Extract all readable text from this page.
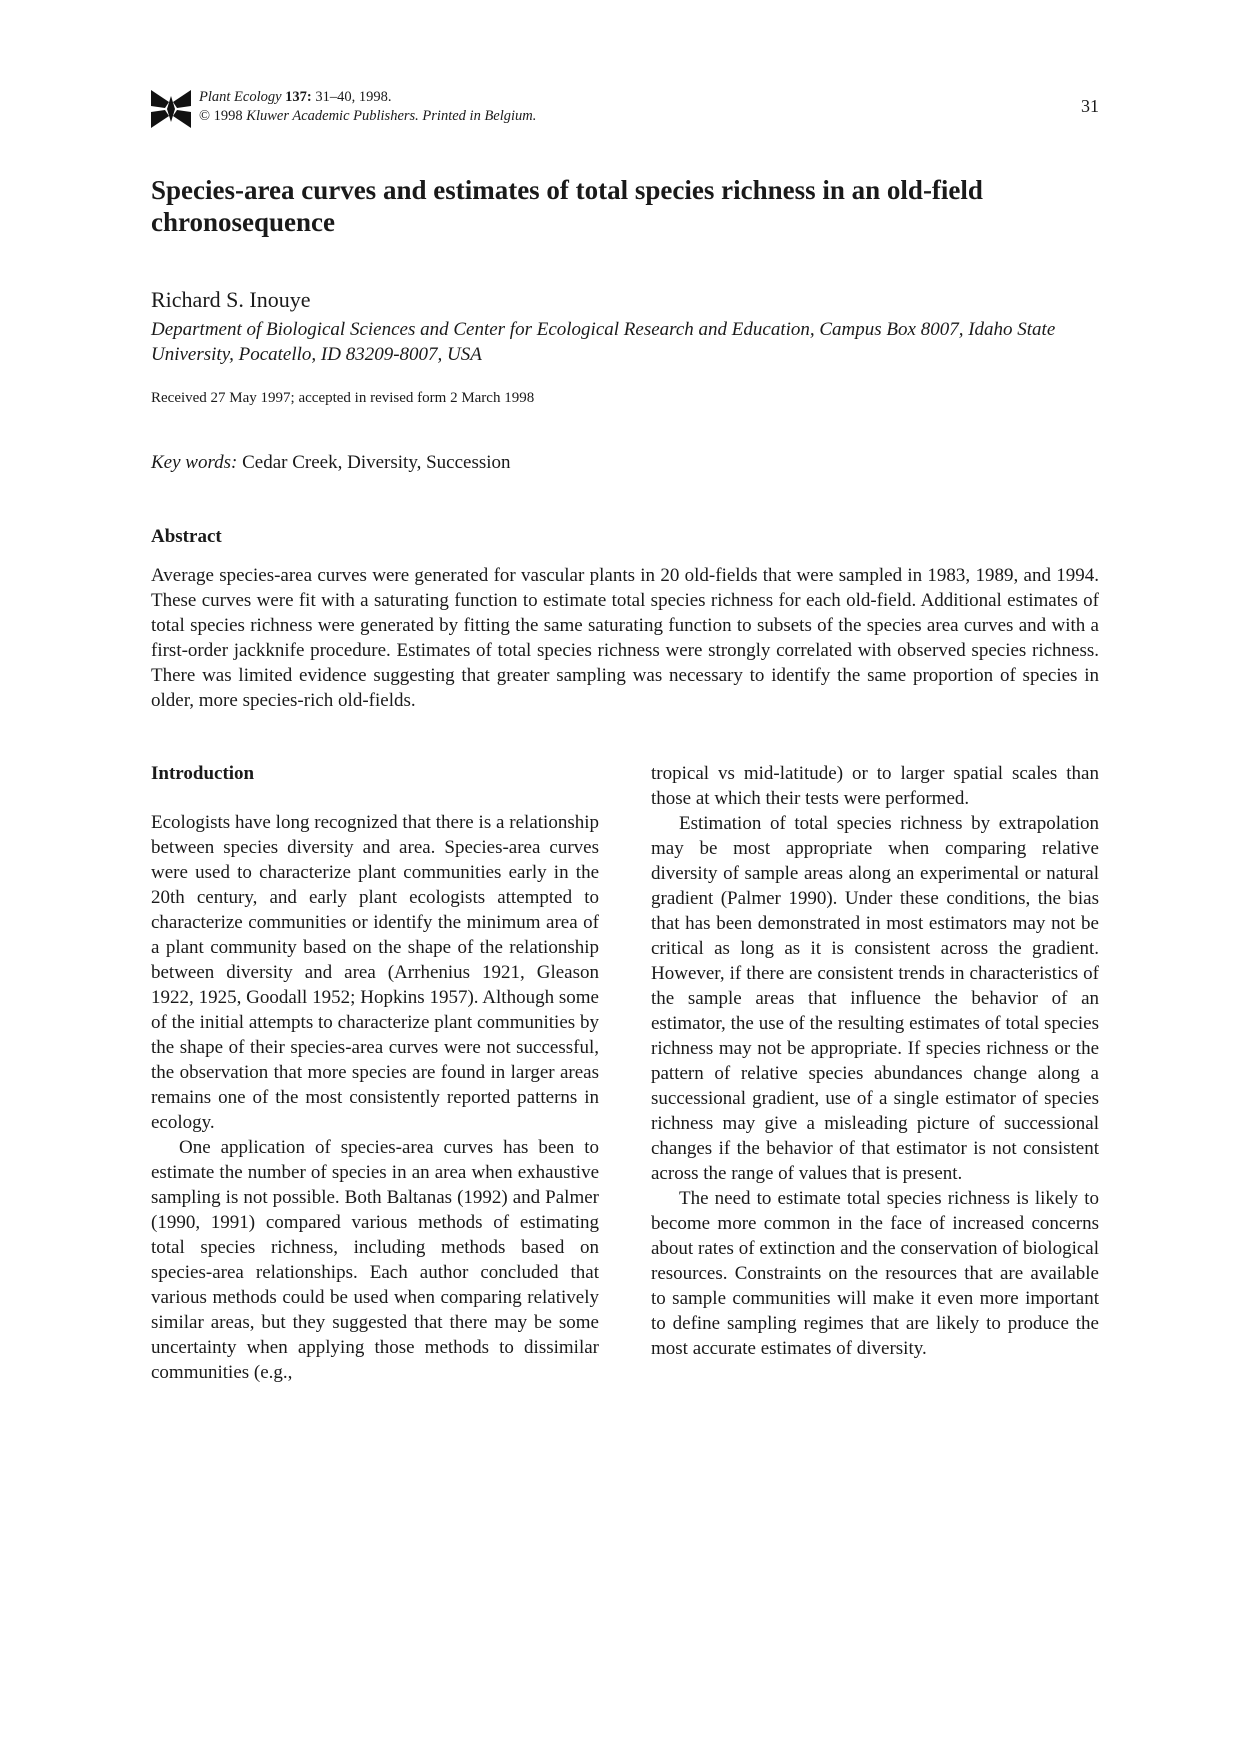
Plant Ecology 137: 31–40, 1998.
© 1998 Kluwer Academic Publishers. Printed in Belgium.	31
Species-area curves and estimates of total species richness in an old-field chronosequence
Richard S. Inouye
Department of Biological Sciences and Center for Ecological Research and Education, Campus Box 8007, Idaho State University, Pocatello, ID 83209-8007, USA
Received 27 May 1997; accepted in revised form 2 March 1998
Key words: Cedar Creek, Diversity, Succession
Abstract

Average species-area curves were generated for vascular plants in 20 old-fields that were sampled in 1983, 1989, and 1994. These curves were fit with a saturating function to estimate total species richness for each old-field. Additional estimates of total species richness were generated by fitting the same saturating function to subsets of the species area curves and with a first-order jackknife procedure. Estimates of total species richness were strongly correlated with observed species richness. There was limited evidence suggesting that greater sampling was necessary to identify the same proportion of species in older, more species-rich old-fields.

Introduction

Ecologists have long recognized that there is a relationship between species diversity and area. Species-area curves were used to characterize plant communities early in the 20th century, and early plant ecologists attempted to characterize communities or identify the minimum area of a plant community based on the shape of the relationship between diversity and area (Arrhenius 1921, Gleason 1922, 1925, Goodall 1952; Hopkins 1957). Although some of the initial attempts to characterize plant communities by the shape of their species-area curves were not successful, the observation that more species are found in larger areas remains one of the most consistently reported patterns in ecology.

One application of species-area curves has been to estimate the number of species in an area when exhaustive sampling is not possible. Both Baltanas (1992) and Palmer (1990, 1991) compared various methods of estimating total species richness, including methods based on species-area relationships. Each author concluded that various methods could be used when comparing relatively similar areas, but they suggested that there may be some uncertainty when applying those methods to dissimilar communities (e.g.,

tropical vs mid-latitude) or to larger spatial scales than those at which their tests were performed.

Estimation of total species richness by extrapolation may be most appropriate when comparing relative diversity of sample areas along an experimental or natural gradient (Palmer 1990). Under these conditions, the bias that has been demonstrated in most estimators may not be critical as long as it is consistent across the gradient. However, if there are consistent trends in characteristics of the sample areas that influence the behavior of an estimator, the use of the resulting estimates of total species richness may not be appropriate. If species richness or the pattern of relative species abundances change along a successional gradient, use of a single estimator of species richness may give a misleading picture of successional changes if the behavior of that estimator is not consistent across the range of values that is present.

The need to estimate total species richness is likely to become more common in the face of increased concerns about rates of extinction and the conservation of biological resources. Constraints on the resources that are available to sample communities will make it even more important to define sampling regimes that are likely to produce the most accurate estimates of diversity.
